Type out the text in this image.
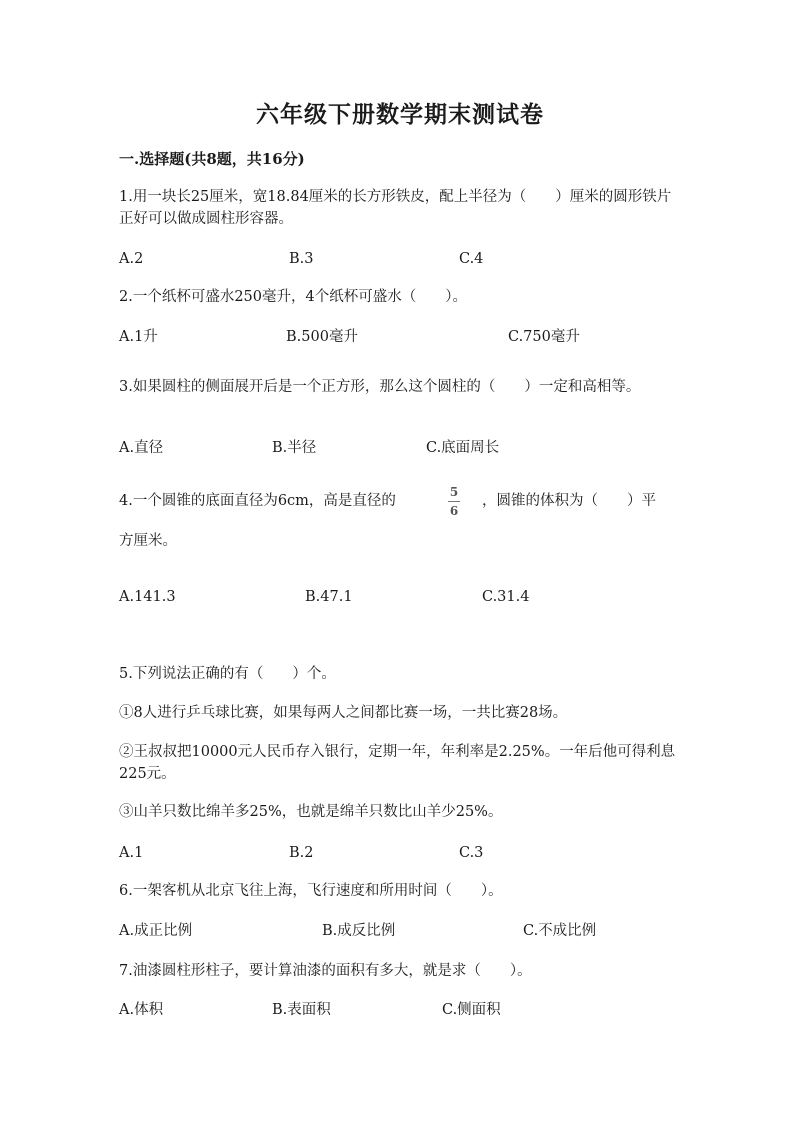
六年级下册数学期末测试卷
一.选择题(共8题，共16分)
1.用一块长25厘米，宽18.84厘米的长方形铁皮，配上半径为（　　）厘米的圆形铁片正好可以做成圆柱形容器。
A.2	B.3	C.4
2.一个纸杯可盛水250毫升，4个纸杯可盛水（　　）。
A.1升	B.500毫升	C.750毫升
3.如果圆柱的侧面展开后是一个正方形，那么这个圆柱的（　　）一定和高相等。
A.直径	B.半径	C.底面周长
4.一个圆锥的底面直径为6cm，高是直径的
5
6
，圆锥的体积为（　　）平
方厘米。
A.141.3	B.47.1	C.31.4
5.下列说法正确的有（　　）个。
①8人进行乒乓球比赛，如果每两人之间都比赛一场，一共比赛28场。
②王叔叔把10000元人民币存入银行，定期一年，年利率是2.25%。一年后他可得利息225元。
③山羊只数比绵羊多25%，也就是绵羊只数比山羊少25%。
A.1	B.2	C.3
6.一架客机从北京飞往上海，飞行速度和所用时间（　　）。
A.成正比例	B.成反比例	C.不成比例
7.油漆圆柱形柱子，要计算油漆的面积有多大，就是求（　　）。
A.体积	B.表面积	C.侧面积
